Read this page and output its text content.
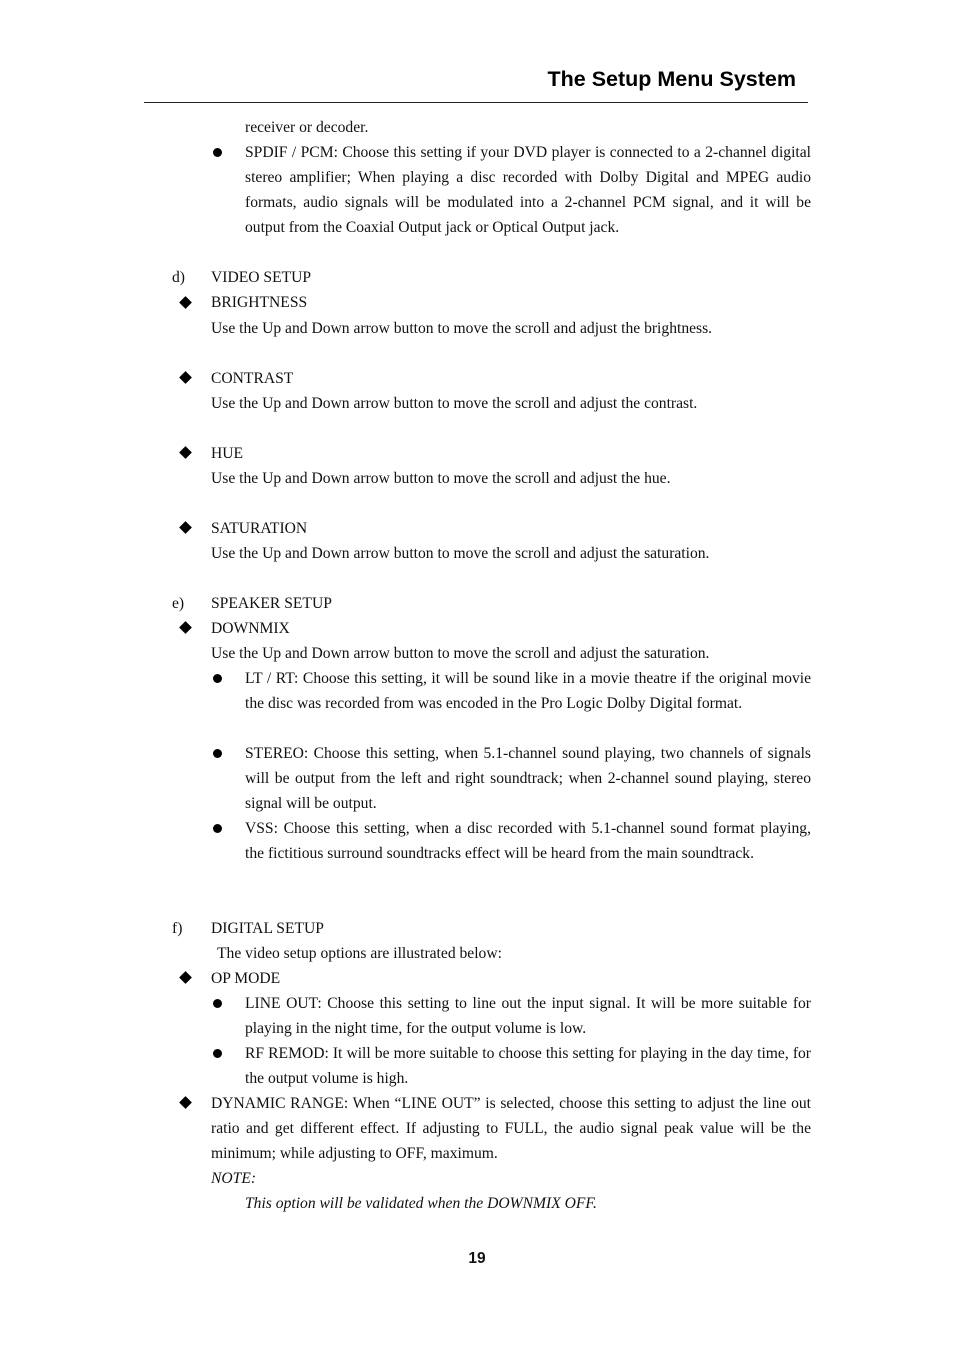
The Setup Menu System
receiver or decoder.
SPDIF / PCM: Choose this setting if your DVD player is connected to a 2-channel digital stereo amplifier; When playing a disc recorded with Dolby Digital and MPEG audio formats, audio signals will be modulated into a 2-channel PCM signal, and it will be output from the Coaxial Output jack or Optical Output jack.
d) VIDEO SETUP
BRIGHTNESS
Use the Up and Down arrow button to move the scroll and adjust the brightness.
CONTRAST
Use the Up and Down arrow button to move the scroll and adjust the contrast.
HUE
Use the Up and Down arrow button to move the scroll and adjust the hue.
SATURATION
Use the Up and Down arrow button to move the scroll and adjust the saturation.
e) SPEAKER SETUP
DOWNMIX
Use the Up and Down arrow button to move the scroll and adjust the saturation.
LT / RT: Choose this setting, it will be sound like in a movie theatre if the original movie the disc was recorded from was encoded in the Pro Logic Dolby Digital format.
STEREO: Choose this setting, when 5.1-channel sound playing, two channels of signals will be output from the left and right soundtrack; when 2-channel sound playing, stereo signal will be output.
VSS: Choose this setting, when a disc recorded with 5.1-channel sound format playing, the fictitious surround soundtracks effect will be heard from the main soundtrack.
f) DIGITAL SETUP
The video setup options are illustrated below:
OP MODE
LINE OUT: Choose this setting to line out the input signal. It will be more suitable for playing in the night time, for the output volume is low.
RF REMOD: It will be more suitable to choose this setting for playing in the day time, for the output volume is high.
DYNAMIC RANGE: When “LINE OUT” is selected, choose this setting to adjust the line out ratio and get different effect. If adjusting to FULL, the audio signal peak value will be the minimum; while adjusting to OFF, maximum.
NOTE:
This option will be validated when the DOWNMIX OFF.
19
